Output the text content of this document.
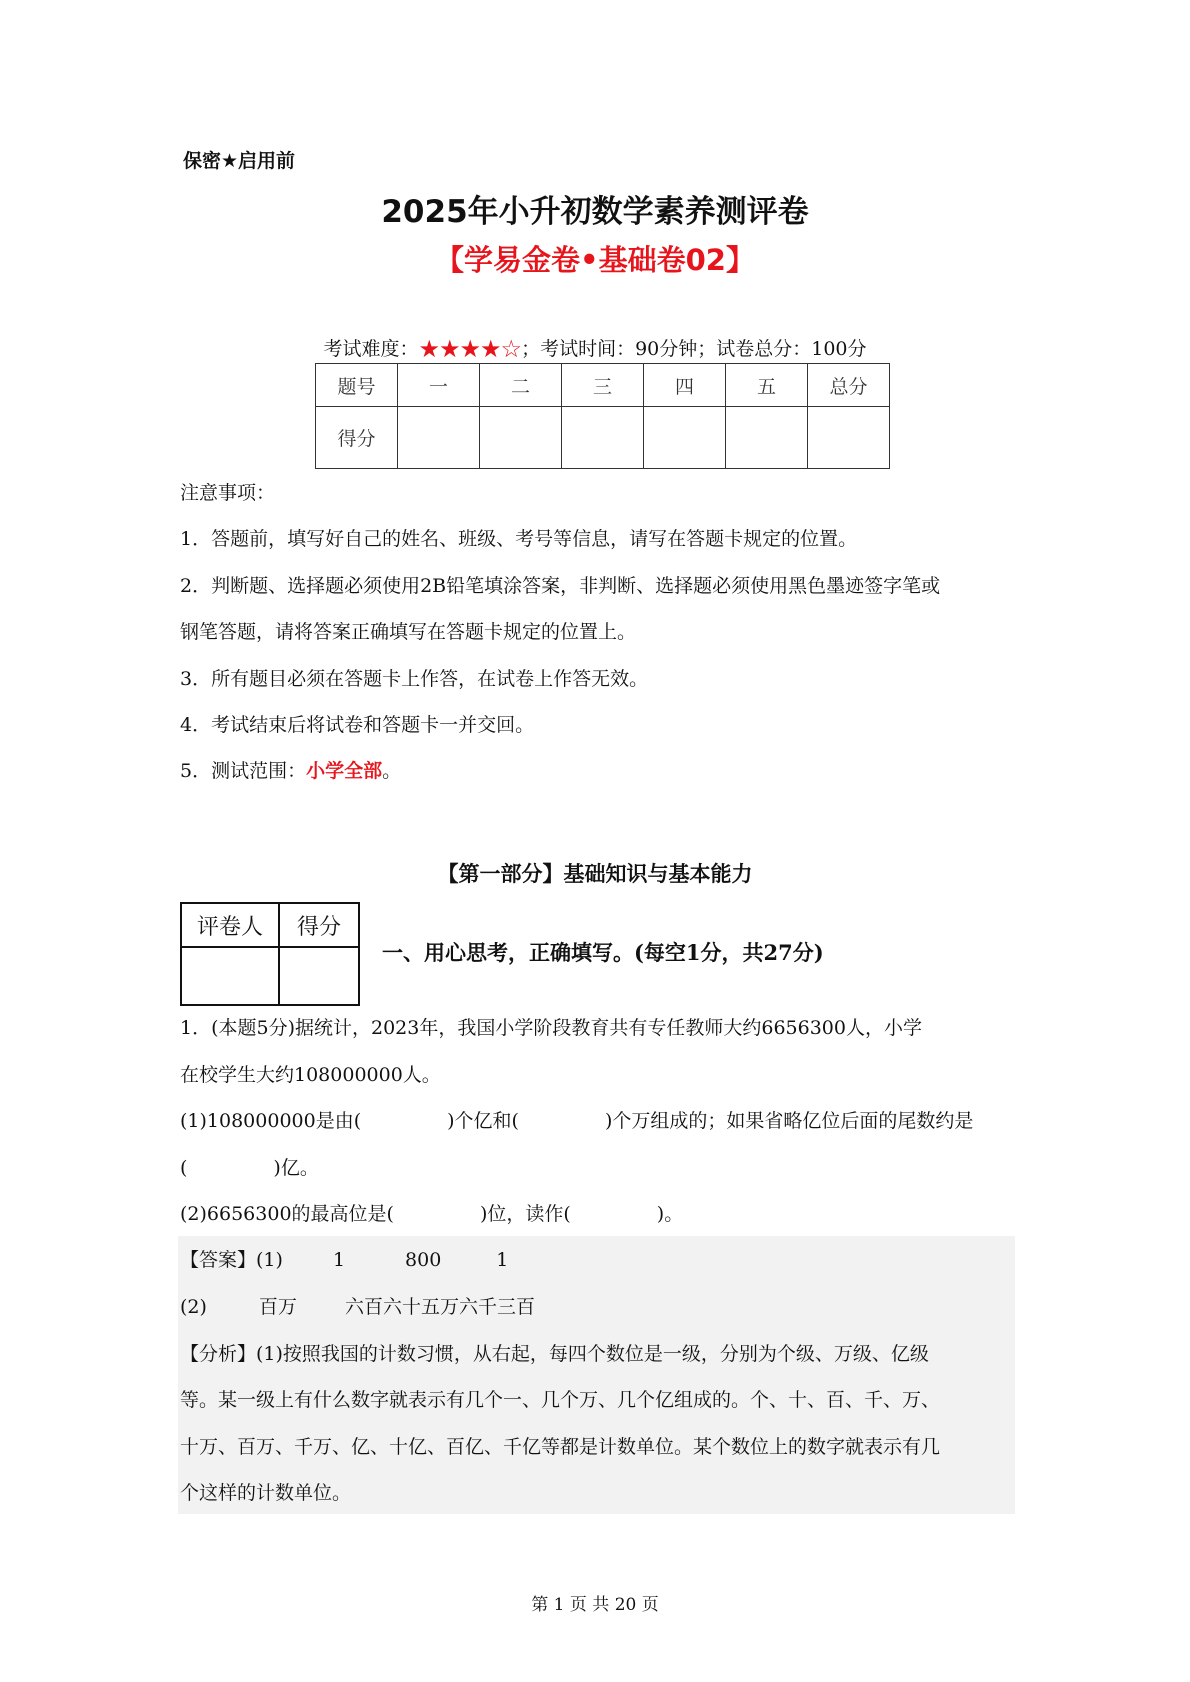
保密★启用前
2025年小升初数学素养测评卷
【学易金卷•基础卷02】
考试难度：★★★★☆；考试时间：90分钟；试卷总分：100分
题号	一	二	三	四	五	总分
得分						
注意事项：
1．答题前，填写好自己的姓名、班级、考号等信息，请写在答题卡规定的位置。
2．判断题、选择题必须使用2B铅笔填涂答案，非判断、选择题必须使用黑色墨迹签字笔或
钢笔答题，请将答案正确填写在答题卡规定的位置上。
3．所有题目必须在答题卡上作答，在试卷上作答无效。
4．考试结束后将试卷和答题卡一并交回。
5．测试范围：小学全部。
【第一部分】基础知识与基本能力
评卷人	得分

一、用心思考，正确填写。(每空1分，共27分)
1．(本题5分)据统计，2023年，我国小学阶段教育共有专任教师大约6656300人，小学
在校学生大约108000000人。
(1)108000000是由(	)个亿和(	)个万组成的；如果省略亿位后面的尾数约是
(	)亿。
(2)6656300的最高位是(	)位，读作(	)。
【答案】(1)	1	800	1
(2)	百万	六百六十五万六千三百
【分析】(1)按照我国的计数习惯，从右起，每四个数位是一级，分别为个级、万级、亿级
等。某一级上有什么数字就表示有几个一、几个万、几个亿组成的。个、十、百、千、万、
十万、百万、千万、亿、十亿、百亿、千亿等都是计数单位。某个数位上的数字就表示有几
个这样的计数单位。
第 1 页 共 20 页
